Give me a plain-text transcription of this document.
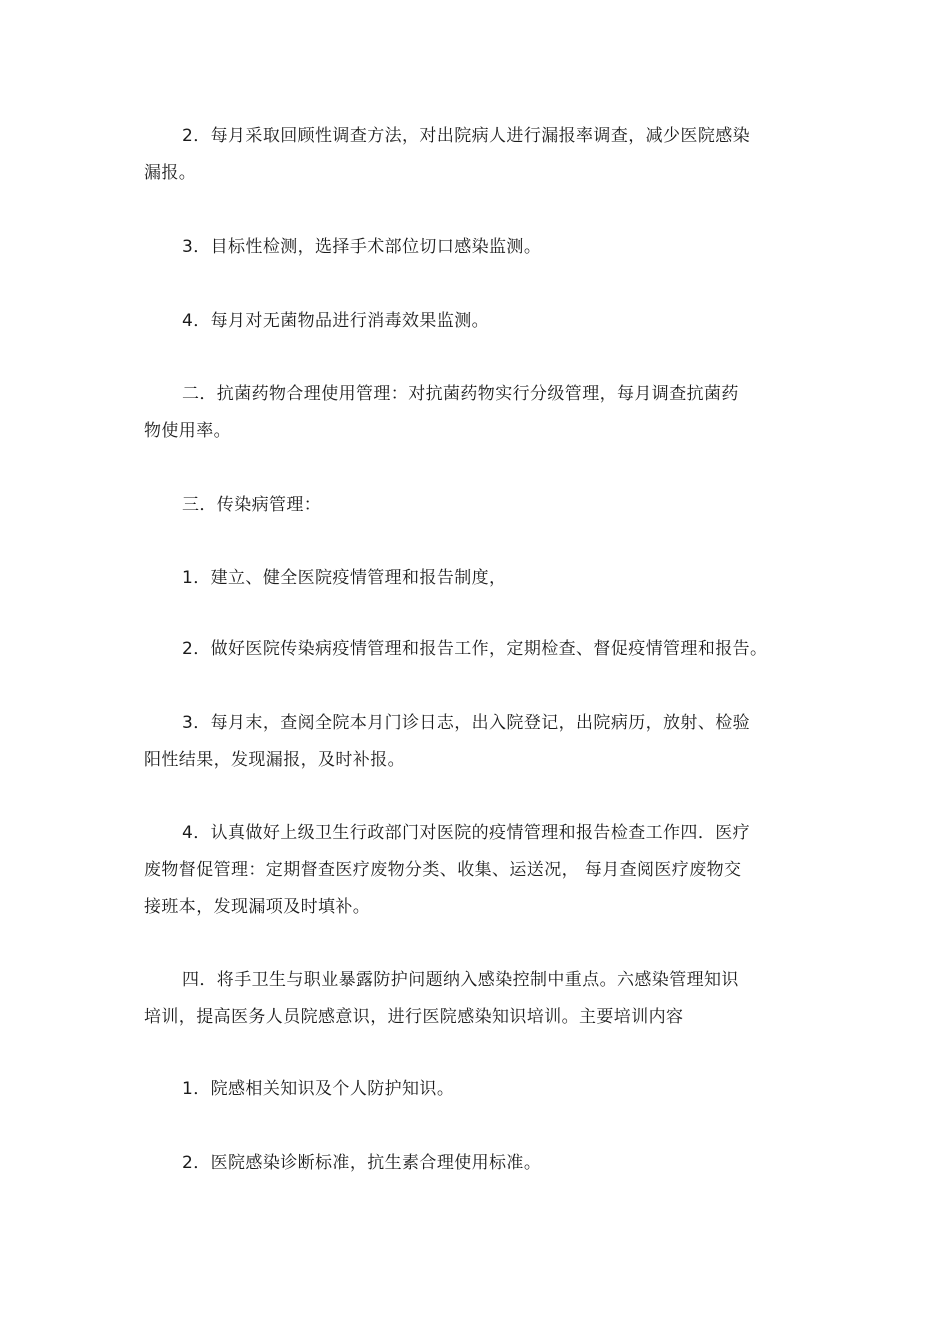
2．每月采取回顾性调查方法，对出院病人进行漏报率调查，减少医院感染
漏报。

3．目标性检测，选择手术部位切口感染监测。

4．每月对无菌物品进行消毒效果监测。

二．抗菌药物合理使用管理：对抗菌药物实行分级管理，每月调查抗菌药
物使用率。

三．传染病管理：

1．建立、健全医院疫情管理和报告制度，

2．做好医院传染病疫情管理和报告工作，定期检查、督促疫情管理和报告。

3．每月末，查阅全院本月门诊日志，出入院登记，出院病历，放射、检验
阳性结果，发现漏报，及时补报。

4．认真做好上级卫生行政部门对医院的疫情管理和报告检查工作四．医疗
废物督促管理：定期督查医疗废物分类、收集、运送况， 每月查阅医疗废物交
接班本，发现漏项及时填补。

四．将手卫生与职业暴露防护问题纳入感染控制中重点。六感染管理知识
培训，提高医务人员院感意识，进行医院感染知识培训。主要培训内容

1．院感相关知识及个人防护知识。

2．医院感染诊断标准，抗生素合理使用标准。
